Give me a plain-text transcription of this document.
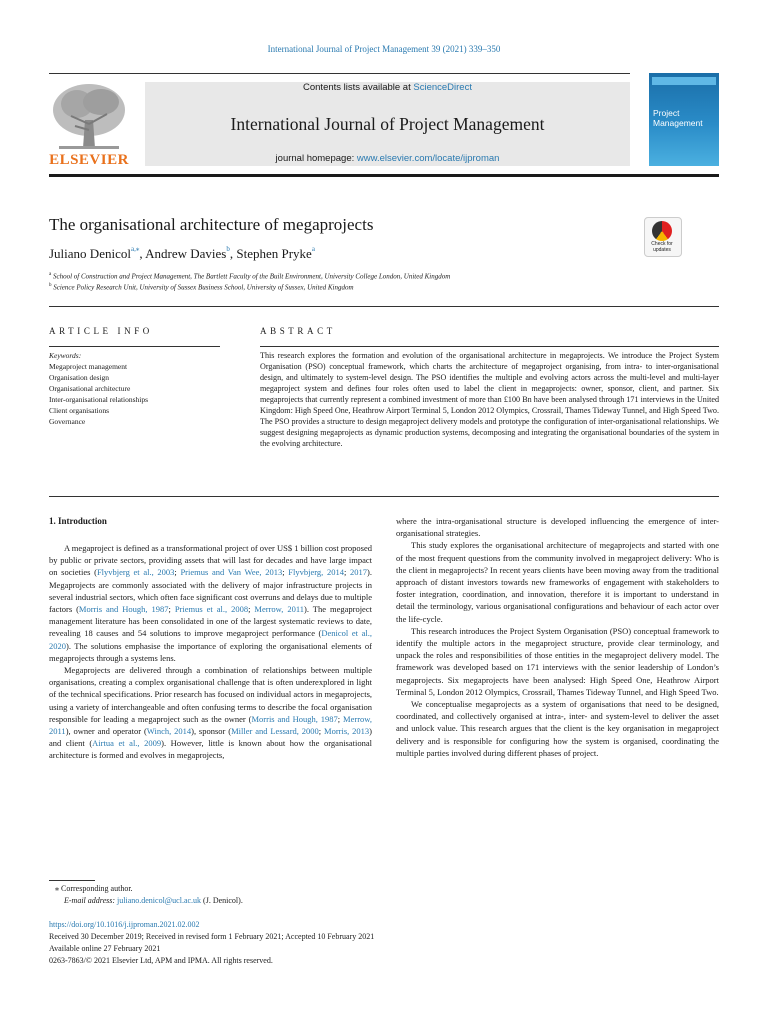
International Journal of Project Management 39 (2021) 339–350
ELSEVIER
Contents lists available at ScienceDirect
International Journal of Project Management
journal homepage: www.elsevier.com/locate/ijproman
Project
Management
The organisational architecture of megaprojects
Juliano Denicol$^{a,⁎}$, Andrew Davies$^b$, Stephen Pryke$^a$
$^a$ School of Construction and Project Management, The Bartlett Faculty of the Built Environment, University College London, United Kingdom
$^b$ Science Policy Research Unit, University of Sussex Business School, University of Sussex, United Kingdom
Check for
updates
ARTICLE INFO
Keywords:
Megaproject management
Organisation design
Organisational architecture
Inter-organisational relationships
Client organisations
Governance
ABSTRACT
This research explores the formation and evolution of the organisational architecture in megaprojects. We introduce the Project System Organisation (PSO) conceptual framework, which charts the architecture of megaproject organising, from intra- to inter-organisational design, and ultimately to system-level design. The PSO identifies the multiple and evolving actors across the multi-level and multi-layer megaproject system and defines four roles often used to label the client in megaprojects: owner, sponsor, client, and partner. Six megaprojects that currently represent a combined investment of more than £100 Bn have been analysed through 171 interviews in the United Kingdom: High Speed One, Heathrow Airport Terminal 5, London 2012 Olympics, Crossrail, Thames Tideway Tunnel, and High Speed Two. The PSO provides a structure to design megaproject delivery models and prototype the configuration of inter-organisational relationships. We suggest designing megaprojects as dynamic production systems, decomposing and integrating the organisational boundaries of the system in the evolving architecture.
1. Introduction

A megaproject is defined as a transformational project of over US$ 1 billion cost proposed by public or private sectors, providing assets that will last for decades and have large impact on societies (Flyvbjerg et al., 2003; Priemus and Van Wee, 2013; Flyvbjerg, 2014; 2017). Megaprojects are commonly associated with the delivery of major infrastructure projects in several industrial sectors, which often face significant cost overruns and delays due to multiple factors (Morris and Hough, 1987; Priemus et al., 2008; Merrow, 2011). The megaproject management literature has been consolidated in one of the largest systematic reviews to date, revealing 18 causes and 54 solutions to improve megaproject performance (Denicol et al., 2020). The solutions emphasise the importance of exploring the organisational elements of megaprojects through a systems lens.

Megaprojects are delivered through a combination of relationships between multiple organisations, creating a complex organisational challenge that is often underexplored in light of the technical specifications. Prior research has focused on individual actors in megaprojects, using a variety of interchangeable and often confusing terms to describe the focal organisation responsible for leading a megaproject such as the owner (Morris and Hough, 1987; Merrow, 2011), owner and operator (Winch, 2014), sponsor (Miller and Lessard, 2000; Morris, 2013) and client (Airtua et al., 2009). However, little is known about how the organisational architecture is formed and evolves in megaprojects,

where the intra-organisational structure is developed influencing the emergence of inter-organisational strategies.

This study explores the organisational architecture of megaprojects and started with one of the most frequent questions from the community involved in megaproject delivery: Who is the client in megaprojects? In recent years clients have been moving away from the traditional approach of distant investors towards new frameworks of engagement with stakeholders to foster integration, coordination, and innovation, therefore it is important to understand in detail the terminology, various organisational configurations and behaviour of each actor over the life-cycle.

This research introduces the Project System Organisation (PSO) conceptual framework to identify the multiple actors in the megaproject structure, provide clear terminology, and unpack the roles and responsibilities of those entities in the megaproject delivery model. The framework was developed based on 171 interviews with the senior leadership of London’s megaprojects. Six megaprojects have been analysed: High Speed One, Heathrow Airport Terminal 5, London 2012 Olympics, Crossrail, Thames Tideway Tunnel, and High Speed Two.

We conceptualise megaprojects as a system of organisations that need to be designed, coordinated, and collectively organised at intra-, inter- and system-level to deliver the asset and unlock value. This research argues that the client is the key organisation in megaproject delivery and is responsible for configuring how the system is organised, coordinating the multiple parties involved during different phases of project.

⁎ Corresponding author.
E-mail address: juliano.denicol@ucl.ac.uk (J. Denicol).
https://doi.org/10.1016/j.ijproman.2021.02.002
Received 30 December 2019; Received in revised form 1 February 2021; Accepted 10 February 2021
Available online 27 February 2021
0263-7863/© 2021 Elsevier Ltd, APM and IPMA. All rights reserved.
